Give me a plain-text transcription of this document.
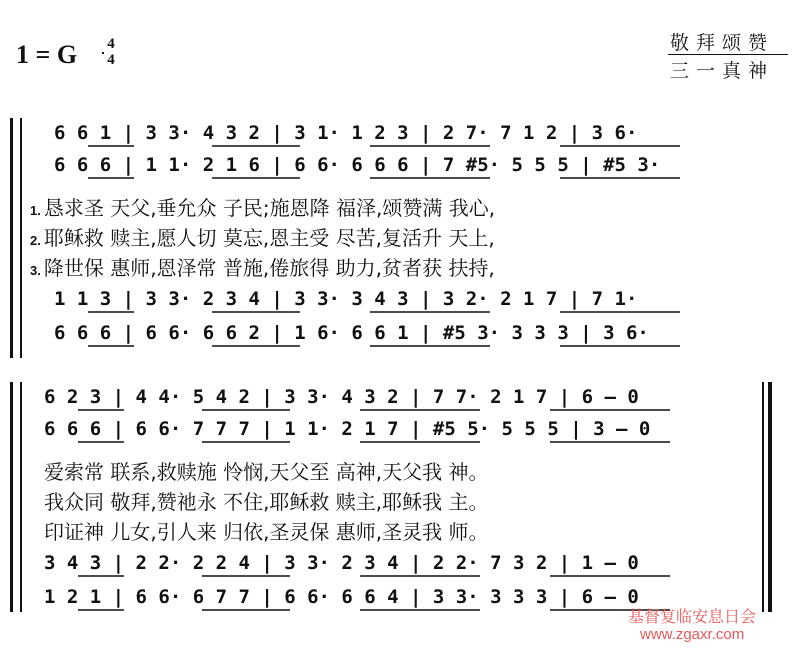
1 = G	4
4
敬拜颂赞
三一真神
6 6 1 | 3 3· 4 3 2 | 3 1· 1 2 3 | 2 7· 7 1 2 | 3 6·
6 6 6 | 1 1· 2 1 6 | 6 6· 6 6 6 | 7 #5· 5 5 5 | #5 3·
1. 恳求圣 天父,垂允众 子民;施恩降 福泽,颂赞满 我心,
2. 耶稣救 赎主,愿人切 莫忘,恩主受 尽苦,复活升 天上,
3. 降世保 惠师,恩泽常 普施,倦旅得 助力,贫者获 扶持,
1 1 3 | 3 3· 2 3 4 | 3 3· 3 4 3 | 3 2· 2 1 7 | 7 1·
6 6 6 | 6 6· 6 6 2 | 1 6· 6 6 1 | #5 3· 3 3 3 | 3 6·
6 2 3 | 4 4· 5 4 2 | 3 3· 4 3 2 | 7 7· 2 1 7 | 6 – 0
6 6 6 | 6 6· 7 7 7 | 1 1· 2 1 7 | #5 5· 5 5 5 | 3 – 0
爱索常 联系,救赎施 怜悯,天父至 高神,天父我 神。
我众同 敬拜,赞祂永 不住,耶稣救 赎主,耶稣我 主。
印证神 儿女,引人来 归依,圣灵保 惠师,圣灵我 师。
3 4 3 | 2 2· 2 2 4 | 3 3· 2 3 4 | 2 2· 7 3 2 | 1 – 0
1 2 1 | 6 6· 6 7 7 | 6 6· 6 6 4 | 3 3· 3 3 3 | 6 – 0
基督复临安息日会
www.zgaxr.com
